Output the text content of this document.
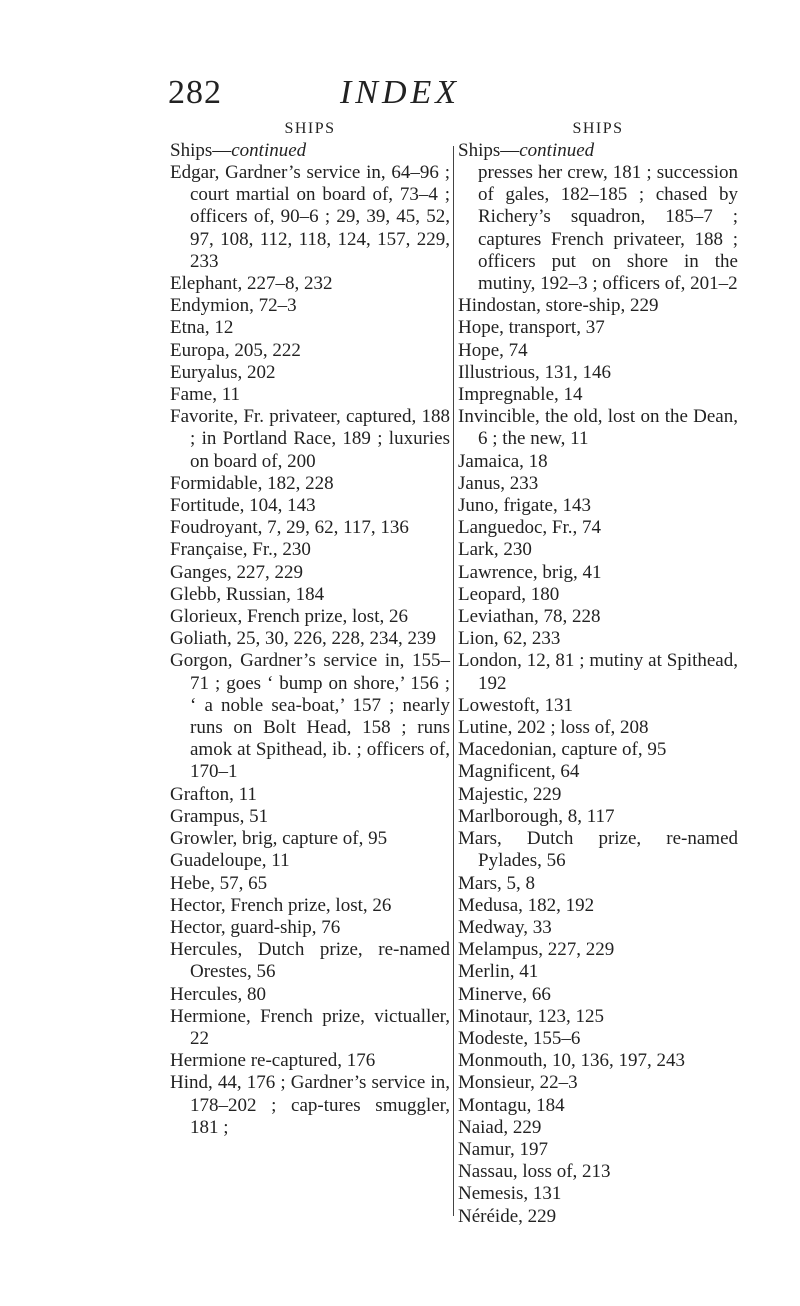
282	INDEX
SHIPS
Ships—continued
Edgar, Gardner’s service in, 64–96 ; court martial on board of, 73–4 ; officers of, 90–6 ; 29, 39, 45, 52, 97, 108, 112, 118, 124, 157, 229, 233
Elephant, 227–8, 232
Endymion, 72–3
Etna, 12
Europa, 205, 222
Euryalus, 202
Fame, 11
Favorite, Fr. privateer, captured, 188 ; in Portland Race, 189 ; luxuries on board of, 200
Formidable, 182, 228
Fortitude, 104, 143
Foudroyant, 7, 29, 62, 117, 136
Française, Fr., 230
Ganges, 227, 229
Glebb, Russian, 184
Glorieux, French prize, lost, 26
Goliath, 25, 30, 226, 228, 234, 239
Gorgon, Gardner’s service in, 155–71 ; goes ‘ bump on shore,’ 156 ; ‘ a noble sea-boat,’ 157 ; nearly runs on Bolt Head, 158 ; runs amok at Spithead, ib. ; officers of, 170–1
Grafton, 11
Grampus, 51
Growler, brig, capture of, 95
Guadeloupe, 11
Hebe, 57, 65
Hector, French prize, lost, 26
Hector, guard-ship, 76
Hercules, Dutch prize, re-named Orestes, 56
Hercules, 80
Hermione, French prize, victualler, 22
Hermione re-captured, 176
Hind, 44, 176 ; Gardner’s service in, 178–202 ; cap-tures smuggler, 181 ;
SHIPS
Ships—continued
presses her crew, 181 ; succession of gales, 182–185 ; chased by Richery’s squadron, 185–7 ; captures French privateer, 188 ; officers put on shore in the mutiny, 192–3 ; officers of, 201–2
Hindostan, store-ship, 229
Hope, transport, 37
Hope, 74
Illustrious, 131, 146
Impregnable, 14
Invincible, the old, lost on the Dean, 6 ; the new, 11
Jamaica, 18
Janus, 233
Juno, frigate, 143
Languedoc, Fr., 74
Lark, 230
Lawrence, brig, 41
Leopard, 180
Leviathan, 78, 228
Lion, 62, 233
London, 12, 81 ; mutiny at Spithead, 192
Lowestoft, 131
Lutine, 202 ; loss of, 208
Macedonian, capture of, 95
Magnificent, 64
Majestic, 229
Marlborough, 8, 117
Mars, Dutch prize, re-named Pylades, 56
Mars, 5, 8
Medusa, 182, 192
Medway, 33
Melampus, 227, 229
Merlin, 41
Minerve, 66
Minotaur, 123, 125
Modeste, 155–6
Monmouth, 10, 136, 197, 243
Monsieur, 22–3
Montagu, 184
Naiad, 229
Namur, 197
Nassau, loss of, 213
Nemesis, 131
Néréide, 229
